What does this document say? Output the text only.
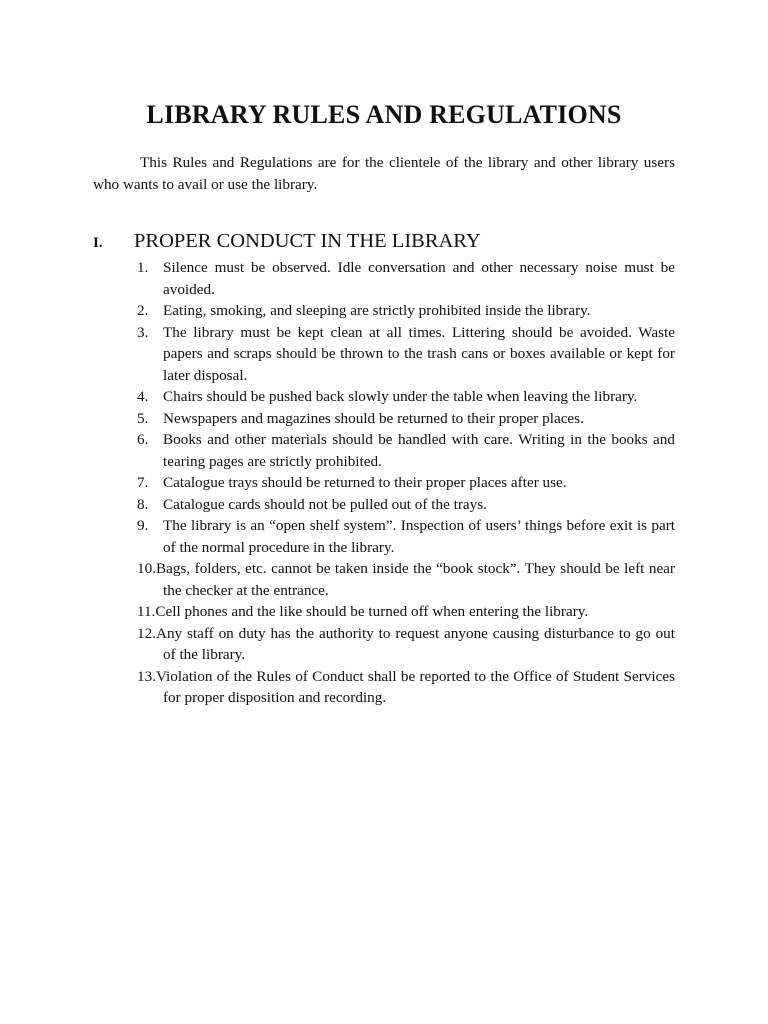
LIBRARY RULES AND REGULATIONS

This Rules and Regulations are for the clientele of the library and other library users who wants to avail or use the library.

I. PROPER CONDUCT IN THE LIBRARY
1. Silence must be observed. Idle conversation and other necessary noise must be avoided.
2. Eating, smoking, and sleeping are strictly prohibited inside the library.
3. The library must be kept clean at all times. Littering should be avoided. Waste papers and scraps should be thrown to the trash cans or boxes available or kept for later disposal.
4. Chairs should be pushed back slowly under the table when leaving the library.
5. Newspapers and magazines should be returned to their proper places.
6. Books and other materials should be handled with care. Writing in the books and tearing pages are strictly prohibited.
7. Catalogue trays should be returned to their proper places after use.
8. Catalogue cards should not be pulled out of the trays.
9. The library is an “open shelf system”. Inspection of users’ things before exit is part of the normal procedure in the library.
10.Bags, folders, etc. cannot be taken inside the “book stock”. They should be left near the checker at the entrance.
11.Cell phones and the like should be turned off when entering the library.
12.Any staff on duty has the authority to request anyone causing disturbance to go out of the library.
13.Violation of the Rules of Conduct shall be reported to the Office of Student Services for proper disposition and recording.
